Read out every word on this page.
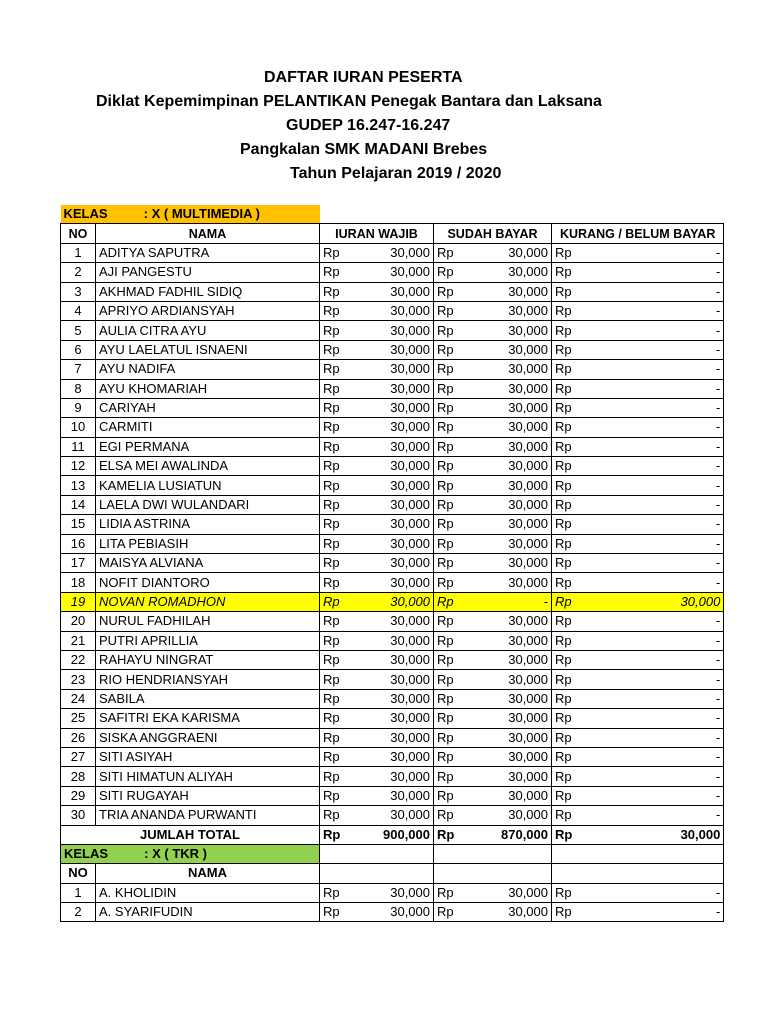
DAFTAR IURAN PESERTA
Diklat Kepemimpinan PELANTIKAN Penegak Bantara dan Laksana
GUDEP 16.247-16.247
Pangkalan SMK MADANI Brebes
Tahun Pelajaran 2019 / 2020
KELAS          : X ( MULTIMEDIA )							
NO	NAMA	IURAN WAJIB		SUDAH BAYAR		KURANG / BELUM BAYAR	
1	ADITYA SAPUTRA	Rp	30,000	Rp	30,000	Rp	-
2	AJI PANGESTU	Rp	30,000	Rp	30,000	Rp	-
3	AKHMAD FADHIL SIDIQ	Rp	30,000	Rp	30,000	Rp	-
4	APRIYO ARDIANSYAH	Rp	30,000	Rp	30,000	Rp	-
5	AULIA CITRA AYU	Rp	30,000	Rp	30,000	Rp	-
6	AYU LAELATUL ISNAENI	Rp	30,000	Rp	30,000	Rp	-
7	AYU NADIFA	Rp	30,000	Rp	30,000	Rp	-
8	AYU KHOMARIAH	Rp	30,000	Rp	30,000	Rp	-
9	CARIYAH	Rp	30,000	Rp	30,000	Rp	-
10	CARMITI	Rp	30,000	Rp	30,000	Rp	-
11	EGI PERMANA	Rp	30,000	Rp	30,000	Rp	-
12	ELSA MEI AWALINDA	Rp	30,000	Rp	30,000	Rp	-
13	KAMELIA LUSIATUN	Rp	30,000	Rp	30,000	Rp	-
14	LAELA DWI WULANDARI	Rp	30,000	Rp	30,000	Rp	-
15	LIDIA ASTRINA	Rp	30,000	Rp	30,000	Rp	-
16	LITA PEBIASIH	Rp	30,000	Rp	30,000	Rp	-
17	MAISYA ALVIANA	Rp	30,000	Rp	30,000	Rp	-
18	NOFIT DIANTORO	Rp	30,000	Rp	30,000	Rp	-
19	NOVAN ROMADHON	Rp	30,000	Rp	-	Rp	30,000
20	NURUL FADHILAH	Rp	30,000	Rp	30,000	Rp	-
21	PUTRI APRILLIA	Rp	30,000	Rp	30,000	Rp	-
22	RAHAYU NINGRAT	Rp	30,000	Rp	30,000	Rp	-
23	RIO HENDRIANSYAH	Rp	30,000	Rp	30,000	Rp	-
24	SABILA	Rp	30,000	Rp	30,000	Rp	-
25	SAFITRI EKA KARISMA	Rp	30,000	Rp	30,000	Rp	-
26	SISKA ANGGRAENI	Rp	30,000	Rp	30,000	Rp	-
27	SITI ASIYAH	Rp	30,000	Rp	30,000	Rp	-
28	SITI HIMATUN ALIYAH	Rp	30,000	Rp	30,000	Rp	-
29	SITI RUGAYAH	Rp	30,000	Rp	30,000	Rp	-
30	TRIA ANANDA PURWANTI	Rp	30,000	Rp	30,000	Rp	-
JUMLAH TOTAL		Rp	900,000	Rp	870,000	Rp	30,000
KELAS          : X ( TKR )							
NO	NAMA						
1	A. KHOLIDIN	Rp	30,000	Rp	30,000	Rp	-
2	A. SYARIFUDIN	Rp	30,000	Rp	30,000	Rp	-
